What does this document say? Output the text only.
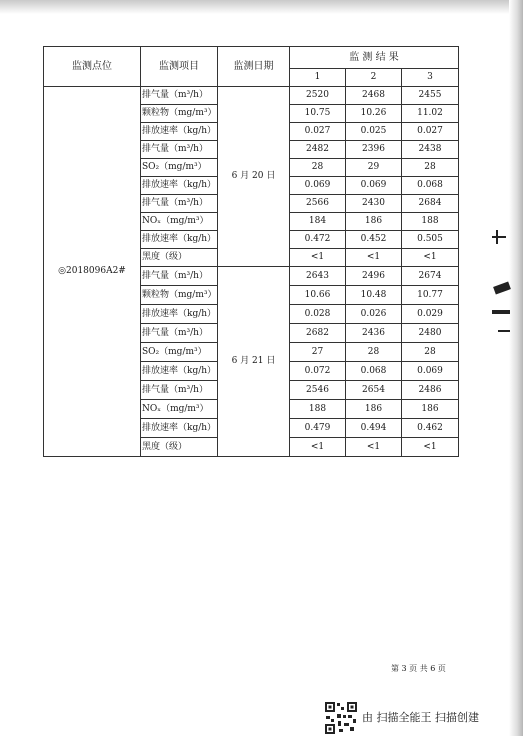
监测点位	监测项目	监测日期	监 测 结 果		
			1	2	3
◎2018096A2#	排气量（m³/h）	6 月 20 日	2520	2468	2455
	颗粒物（mg/m³）		10.75	10.26	11.02
	排放速率（kg/h）		0.027	0.025	0.027
	排气量（m³/h）		2482	2396	2438
	SO₂（mg/m³）		28	29	28
	排放速率（kg/h）		0.069	0.069	0.068
	排气量（m³/h）		2566	2430	2684
	NOₓ（mg/m³）		184	186	188
	排放速率（kg/h）		0.472	0.452	0.505
	黑度（级）		<1	<1	<1
	排气量（m³/h）	6 月 21 日	2643	2496	2674
	颗粒物（mg/m³）		10.66	10.48	10.77
	排放速率（kg/h）		0.028	0.026	0.029
	排气量（m³/h）		2682	2436	2480
	SO₂（mg/m³）		27	28	28
	排放速率（kg/h）		0.072	0.068	0.069
	排气量（m³/h）		2546	2654	2486
	NOₓ（mg/m³）		188	186	186
	排放速率（kg/h）		0.479	0.494	0.462
	黑度（级）		<1	<1	<1
第 3 页 共 6 页
由 扫描全能王 扫描创建
